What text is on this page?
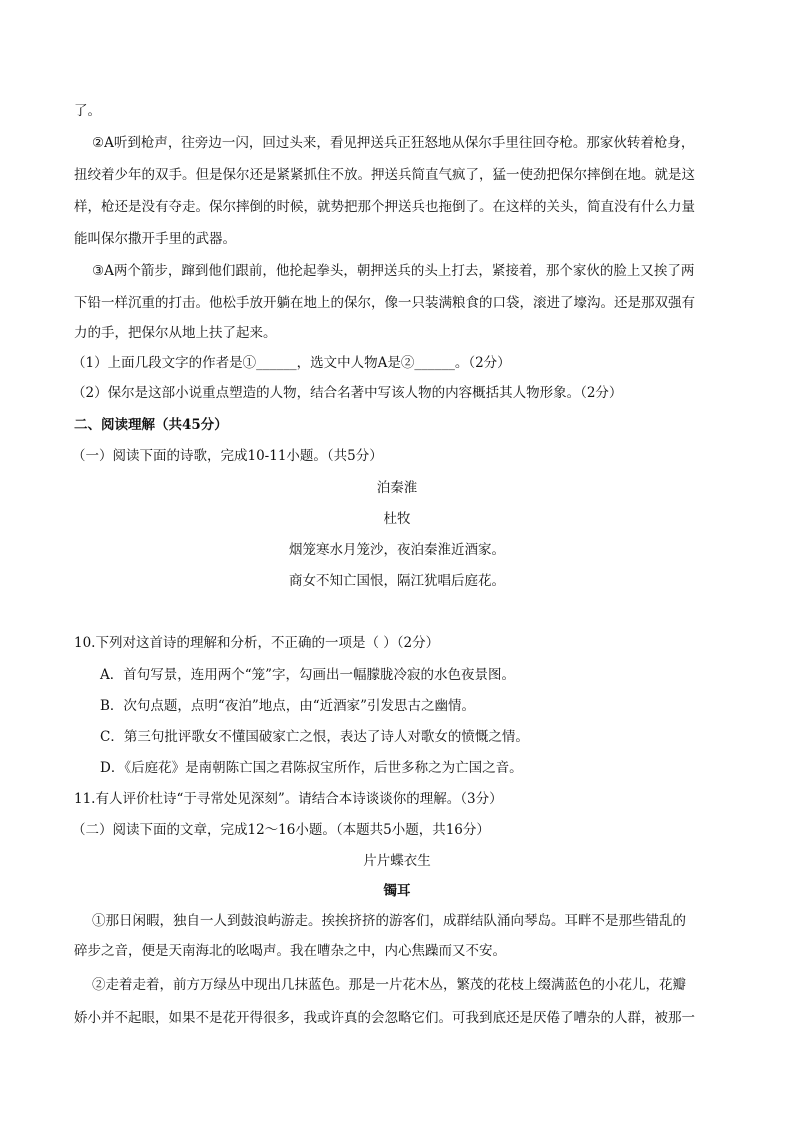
了。
②A听到枪声，往旁边一闪，回过头来，看见押送兵正狂怒地从保尔手里往回夺枪。那家伙转着枪身，
扭绞着少年的双手。但是保尔还是紧紧抓住不放。押送兵简直气疯了，猛一使劲把保尔摔倒在地。就是这
样，枪还是没有夺走。保尔摔倒的时候，就势把那个押送兵也拖倒了。在这样的关头，简直没有什么力量
能叫保尔撒开手里的武器。
③A两个箭步，蹿到他们跟前，他抡起拳头，朝押送兵的头上打去，紧接着，那个家伙的脸上又挨了两
下铅一样沉重的打击。他松手放开躺在地上的保尔，像一只装满粮食的口袋，滚进了壕沟。还是那双强有
力的手，把保尔从地上扶了起来。
（1）上面几段文字的作者是①______，选文中人物A是②______。（2分）
（2）保尔是这部小说重点塑造的人物，结合名著中写该人物的内容概括其人物形象。（2分）
二、阅读理解（共45分）
（一）阅读下面的诗歌，完成10-11小题。（共5分）
泊秦淮
杜牧
烟笼寒水月笼沙，夜泊秦淮近酒家。
商女不知亡国恨，隔江犹唱后庭花。
10.下列对这首诗的理解和分析，不正确的一项是（ ）（2分）
A．首句写景，连用两个“笼”字，勾画出一幅朦胧冷寂的水色夜景图。
B．次句点题，点明“夜泊”地点，由“近酒家”引发思古之幽情。
C．第三句批评歌女不懂国破家亡之恨，表达了诗人对歌女的愤慨之情。
D．《后庭花》是南朝陈亡国之君陈叔宝所作，后世多称之为亡国之音。
11.有人评价杜诗“于寻常处见深刻”。请结合本诗谈谈你的理解。（3分）
（二）阅读下面的文章，完成12～16小题。（本题共5小题，共16分）
片片蝶衣生
镯耳
①那日闲暇，独自一人到鼓浪屿游走。挨挨挤挤的游客们，成群结队涌向琴岛。耳畔不是那些错乱的
碎步之音，便是天南海北的吆喝声。我在嘈杂之中，内心焦躁而又不安。
②走着走着，前方万绿丛中现出几抹蓝色。那是一片花木丛，繁茂的花枝上缀满蓝色的小花儿，花瓣
娇小并不起眼，如果不是花开得很多，我或许真的会忽略它们。可我到底还是厌倦了嘈杂的人群，被那一
